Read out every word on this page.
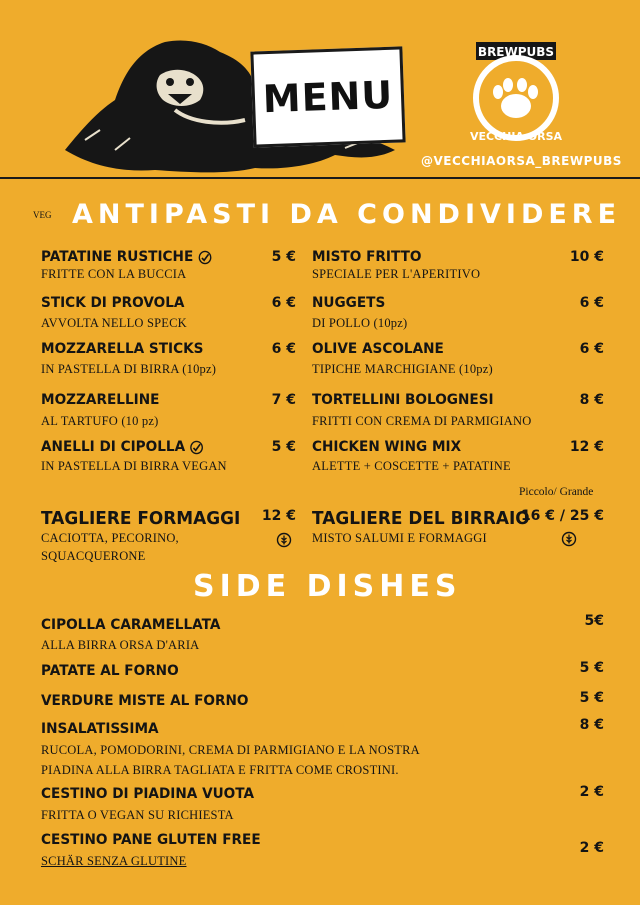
MENU
BREWPUBS
VECCHIA ORSA
@VECCHIAORSA_BREWPUBS
VEG ANTIPASTI DA CONDIVIDERE
PATATINE RUSTICHE
FRITTE CON LA BUCCIA
5 €
STICK DI PROVOLA
AVVOLTA NELLO SPECK
6 €
MOZZARELLA STICKS
IN PASTELLA DI BIRRA (10pz)
6 €
MOZZARELLINE
AL TARTUFO (10 pz)
7 €
ANELLI DI CIPOLLA
IN PASTELLA DI BIRRA VEGAN
5 €
MISTO FRITTO
SPECIALE PER L'APERITIVO
10 €
NUGGETS
DI POLLO (10pz)
6 €
OLIVE ASCOLANE
TIPICHE MARCHIGIANE (10pz)
6 €
TORTELLINI BOLOGNESI
FRITTI CON CREMA DI PARMIGIANO
8 €
CHICKEN WING MIX
ALETTE + COSCETTE + PATATINE
12 €
Piccolo/ Grande
TAGLIERE FORMAGGI
CACIOTTA, PECORINO,
SQUACQUERONE
12 € TAGLIERE DEL BIRRAIO
MISTO SALUMI E FORMAGGI
16 € / 25 €
SIDE DISHES
CIPOLLA CARAMELLATA
ALLA BIRRA ORSA D'ARIA
5€
PATATE AL FORNO	5 €
VERDURE MISTE AL FORNO	5 €
INSALATISSIMA
RUCOLA, POMODORINI, CREMA DI PARMIGIANO E LA NOSTRA
PIADINA ALLA BIRRA TAGLIATA E FRITTA COME CROSTINI.
8 €
CESTINO DI PIADINA VUOTA
FRITTA O VEGAN SU RICHIESTA
2 €
CESTINO PANE GLUTEN FREE
SCHÄR SENZA GLUTINE
2 €
